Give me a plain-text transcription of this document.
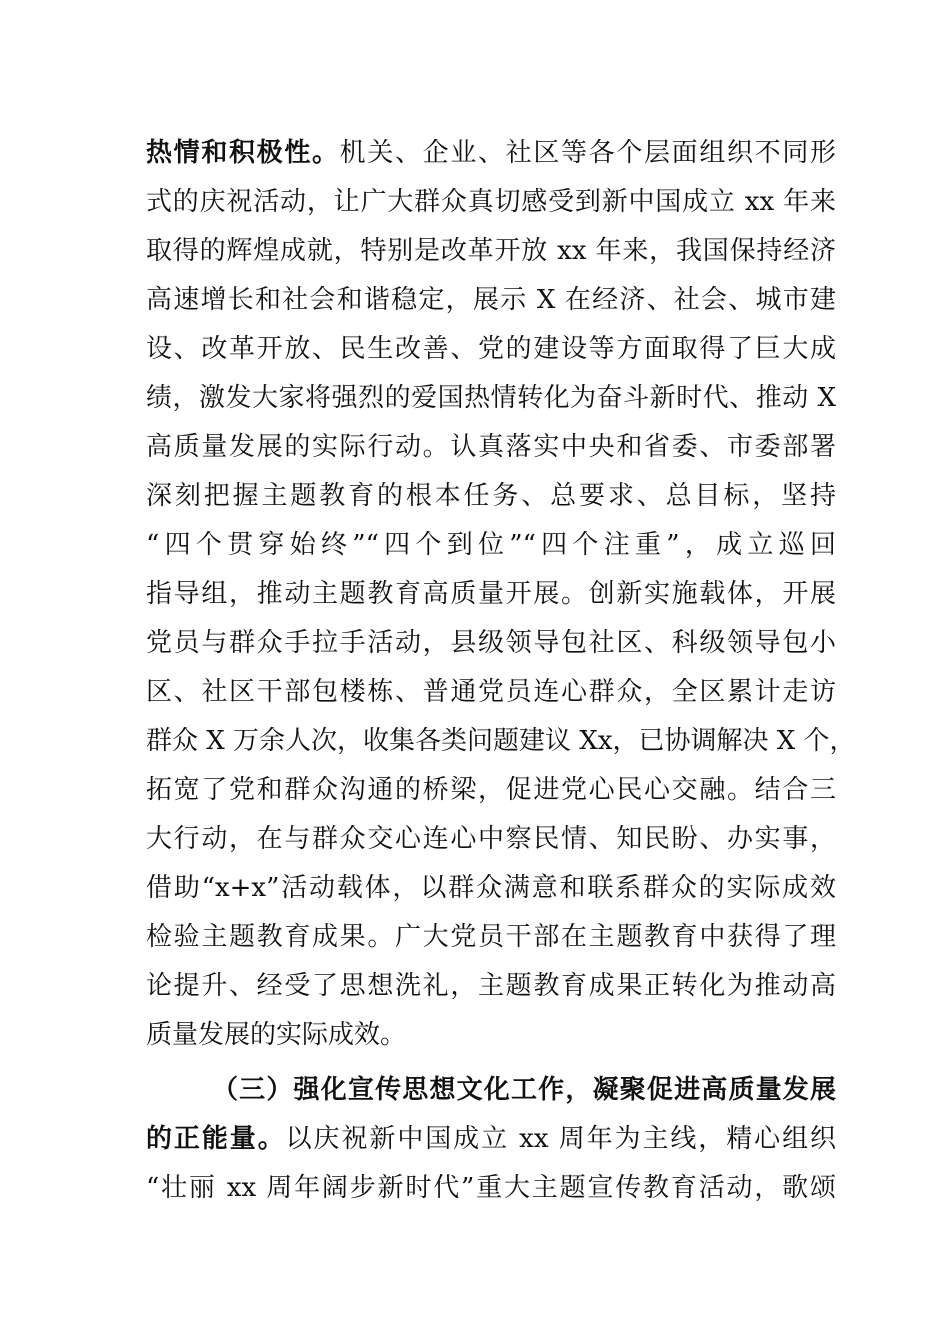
热情和积极性。机关、企业、社区等各个层面组织不同形
式的庆祝活动，让广大群众真切感受到新中国成立 xx 年来
取得的辉煌成就，特别是改革开放 xx 年来，我国保持经济
高速增长和社会和谐稳定，展示 X 在经济、社会、城市建
设、改革开放、民生改善、党的建设等方面取得了巨大成
绩，激发大家将强烈的爱国热情转化为奋斗新时代、推动 X
高质量发展的实际行动。认真落实中央和省委、市委部署
深刻把握主题教育的根本任务、总要求、总目标，坚持
“四个贯穿始终”“四个到位”“四个注重”，成立巡回
指导组，推动主题教育高质量开展。创新实施载体，开展
党员与群众手拉手活动，县级领导包社区、科级领导包小
区、社区干部包楼栋、普通党员连心群众，全区累计走访
群众 X 万余人次，收集各类问题建议 Xx，已协调解决 X 个，
拓宽了党和群众沟通的桥梁，促进党心民心交融。结合三
大行动，在与群众交心连心中察民情、知民盼、办实事，
借助“x+x”活动载体，以群众满意和联系群众的实际成效
检验主题教育成果。广大党员干部在主题教育中获得了理
论提升、经受了思想洗礼，主题教育成果正转化为推动高
质量发展的实际成效。
（三）强化宣传思想文化工作，凝聚促进高质量发展
的正能量。以庆祝新中国成立 xx 周年为主线，精心组织
“壮丽 xx 周年阔步新时代”重大主题宣传教育活动，歌颂
